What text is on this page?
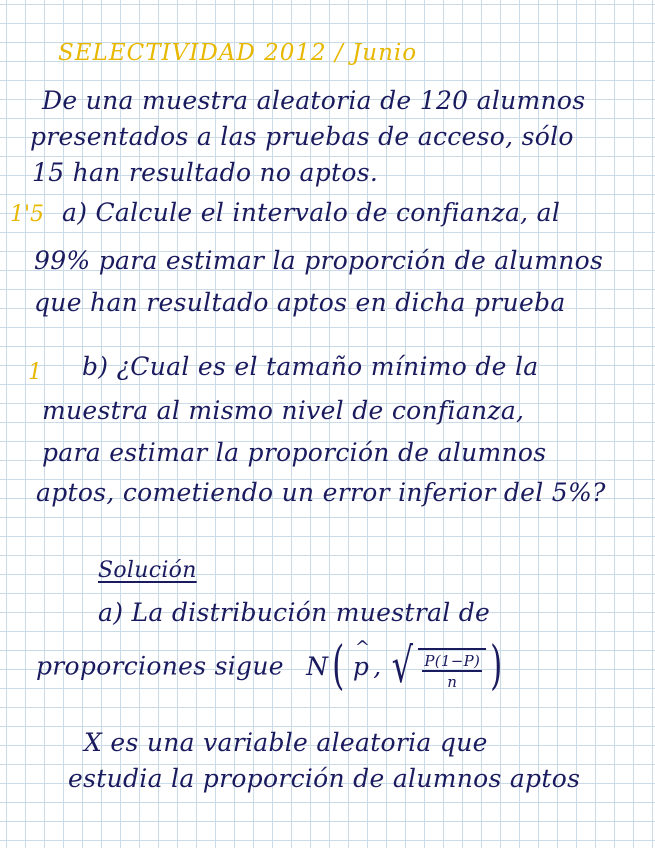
SELECTIVIDAD 2012 / Junio
De una muestra aleatoria de 120 alumnos
presentados a las pruebas de acceso, sólo
15 han resultado no aptos.
1'5 a) Calcule el intervalo de confianza, al
99% para estimar la proporción de alumnos
que han resultado aptos en dicha prueba
1 b) ¿Cual es el tamaño mínimo de la
muestra al mismo nivel de confianza,
para estimar la proporción de alumnos
aptos, cometiendo un error inferior del 5%?
Solución
a) La distribución muestral de
proporciones sigue N (
^ p , √ $\frac{P(1-P)}{n}$ )
X es una variable aleatoria que
estudia la proporción de alumnos aptos
